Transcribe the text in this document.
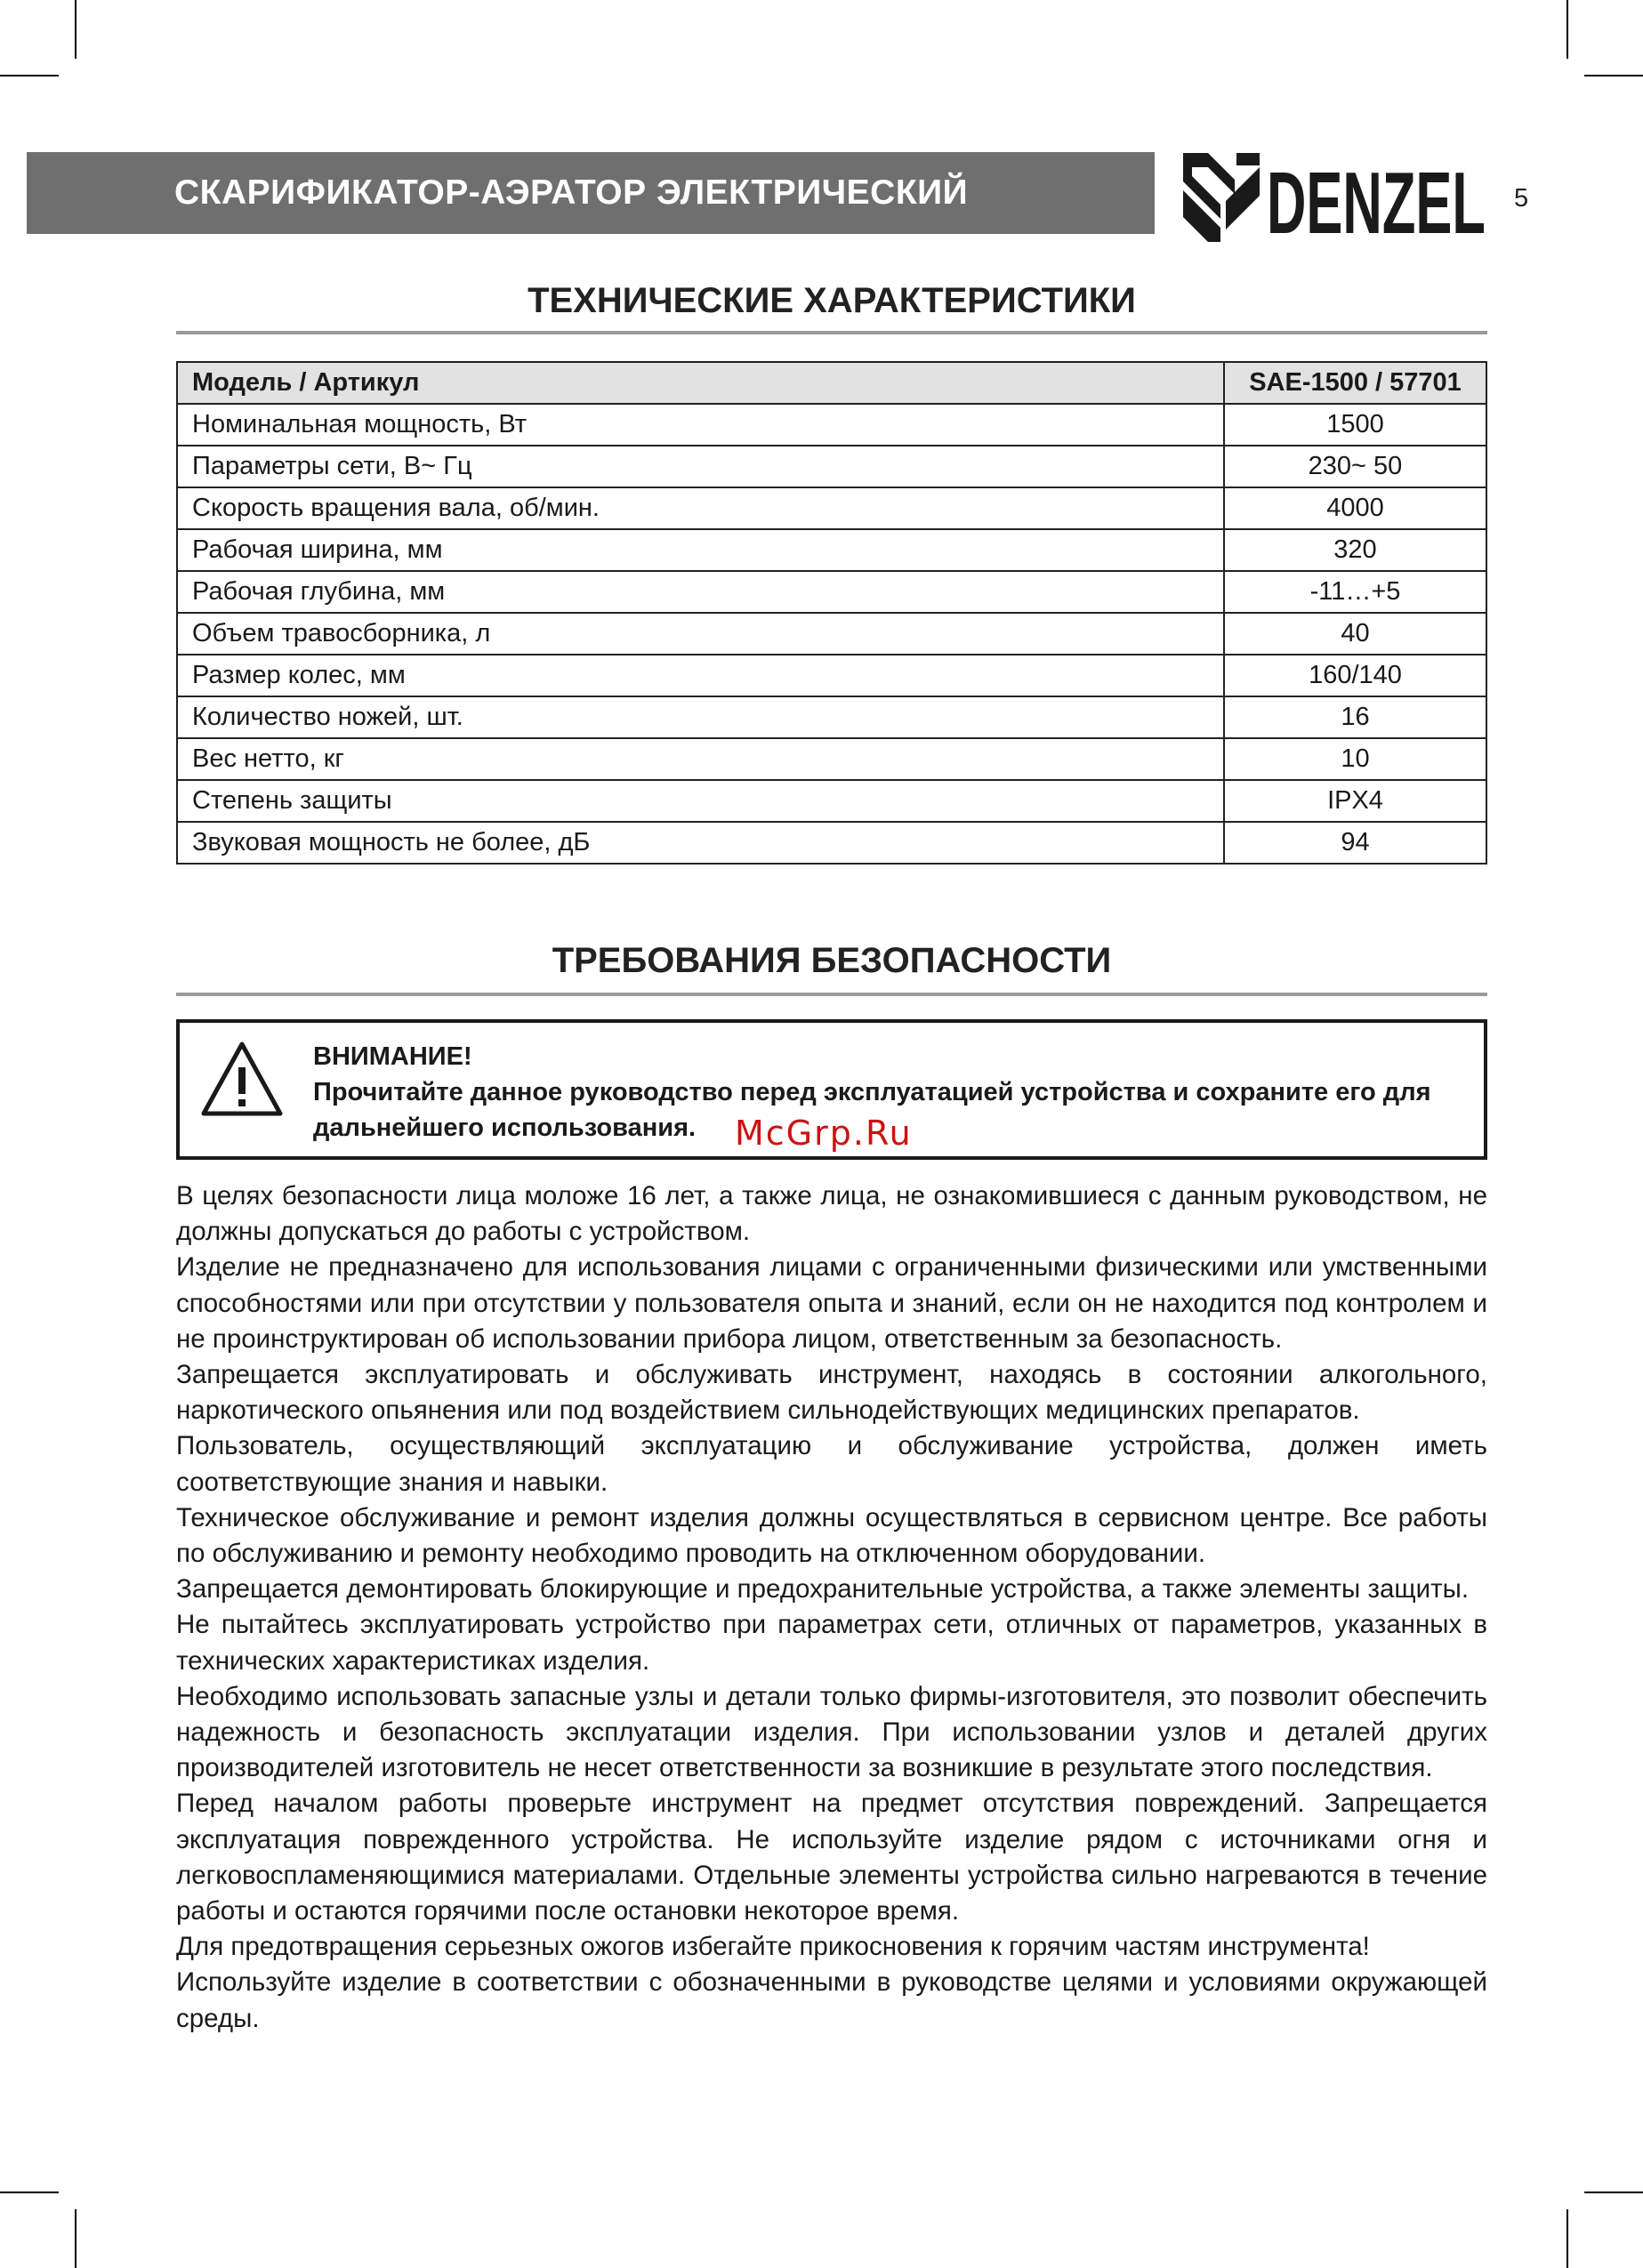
СКАРИФИКАТОР-АЭРАТОР ЭЛЕКТРИЧЕСКИЙ	DENZEL 5
ТЕХНИЧЕСКИЕ ХАРАКТЕРИСТИКИ
Модель / Артикул	SAE-1500 / 57701
Номинальная мощность, Вт	1500
Параметры сети, В~ Гц	230~ 50
Скорость вращения вала, об/мин.	4000
Рабочая ширина, мм	320
Рабочая глубина, мм	-11…+5
Объем травосборника, л	40
Размер колес, мм	160/140
Количество ножей, шт.	16
Вес нетто, кг	10
Степень защиты	IPX4
Звуковая мощность не более, дБ	94
ТРЕБОВАНИЯ БЕЗОПАСНОСТИ
ВНИМАНИЕ!
Прочитайте данное руководство перед эксплуатацией устройства и сохраните его для дальнейшего использования.	McGrp.Ru

В целях безопасности лица моложе 16 лет, а также лица, не ознакомившиеся с данным руководством, не должны допускаться до работы с устройством.

Изделие не предназначено для использования лицами с ограниченными физическими или умственными способностями или при отсутствии у пользователя опыта и знаний, если он не находится под контролем и не проинструктирован об использовании прибора лицом, ответственным за безопасность.

Запрещается эксплуатировать и обслуживать инструмент, находясь в состоянии алкогольного, наркотического опьянения или под воздействием сильнодействующих медицинских препаратов.

Пользователь, осуществляющий эксплуатацию и обслуживание устройства, должен иметь соответствующие знания и навыки.

Техническое обслуживание и ремонт изделия должны осуществляться в сервисном центре. Все работы по обслуживанию и ремонту необходимо проводить на отключенном оборудовании.

Запрещается демонтировать блокирующие и предохранительные устройства, а также элементы защиты.

Не пытайтесь эксплуатировать устройство при параметрах сети, отличных от параметров, указанных в технических характеристиках изделия.

Необходимо использовать запасные узлы и детали только фирмы-изготовителя, это позволит обеспечить надежность и безопасность эксплуатации изделия. При использовании узлов и деталей других производителей изготовитель не несет ответственности за возникшие в результате этого последствия.

Перед началом работы проверьте инструмент на предмет отсутствия повреждений. Запрещается эксплуатация поврежденного устройства. Не используйте изделие рядом с источниками огня и легковоспламеняющимися материалами. Отдельные элементы устройства сильно нагреваются в течение работы и остаются горячими после остановки некоторое время.

Для предотвращения серьезных ожогов избегайте прикосновения к горячим частям инструмента!

Используйте изделие в соответствии с обозначенными в руководстве целями и условиями окружающей среды.
